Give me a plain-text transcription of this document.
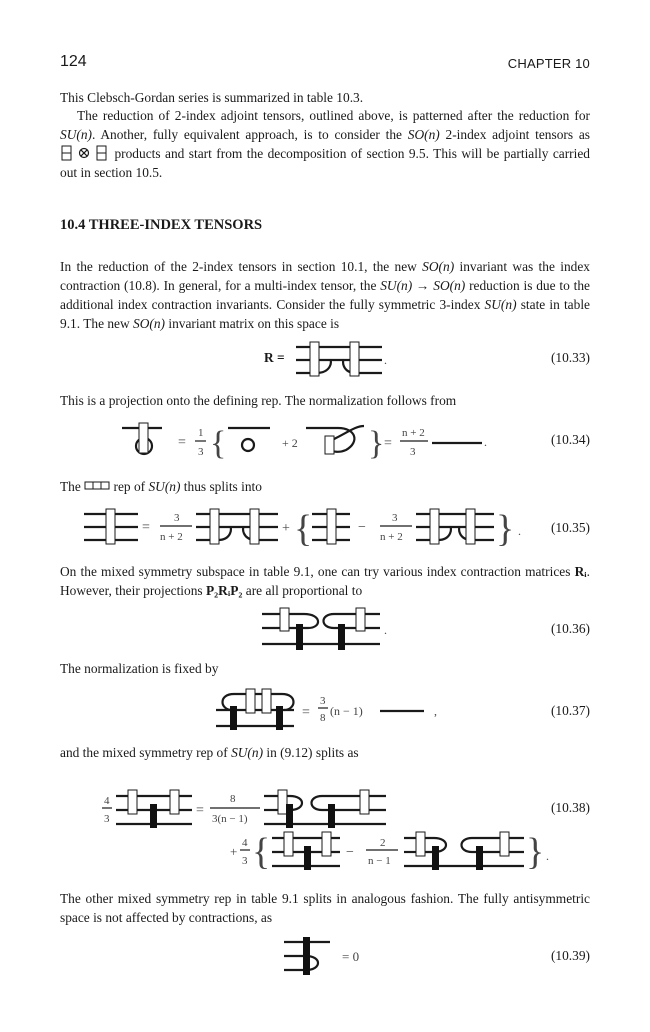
124	CHAPTER 10
This Clebsch-Gordan series is summarized in table 10.3.
The reduction of 2-index adjoint tensors, outlined above, is patterned after the reduction for SU(n). Another, fully equivalent approach, is to consider the SO(n) 2-index adjoint tensors as  products and start from the decomposition of section 9.5. This will be partially carried out in section 10.5.
10.4 THREE-INDEX TENSORS
In the reduction of the 2-index tensors in section 10.1, the new SO(n) invariant was the index contraction (10.8). In general, for a multi-index tensor, the SU(n) → SO(n) reduction is due to the additional index contraction invariants. Consider the fully symmetric 3-index SU(n) state in table 9.1. The new SO(n) invariant matrix on this space is
R =	.	(10.33)
This is a projection onto the defining rep. The normalization follows from
=
1
3 {	+ 2 } =
n + 2
3
.	(10.34)
The  rep of SU(n) thus splits into
=
3
n + 2
+ {	−
3
n + 2 } . (10.35)
On the mixed symmetry subspace in table 9.1, one can try various index contraction matrices Rᵢ. However, their projections P₂RᵢP₂ are all proportional to
.	(10.36)
The normalization is fixed by
=
3
8 (n − 1)	,	(10.37)
and the mixed symmetry rep of SU(n) in (9.12) splits as
4
3
=
8
3(n − 1)
(10.38)
+
4
3 {	−
2
n − 1	} .
The other mixed symmetry rep in table 9.1 splits in analogous fashion. The fully antisymmetric space is not affected by contractions, as
= 0	(10.39)
